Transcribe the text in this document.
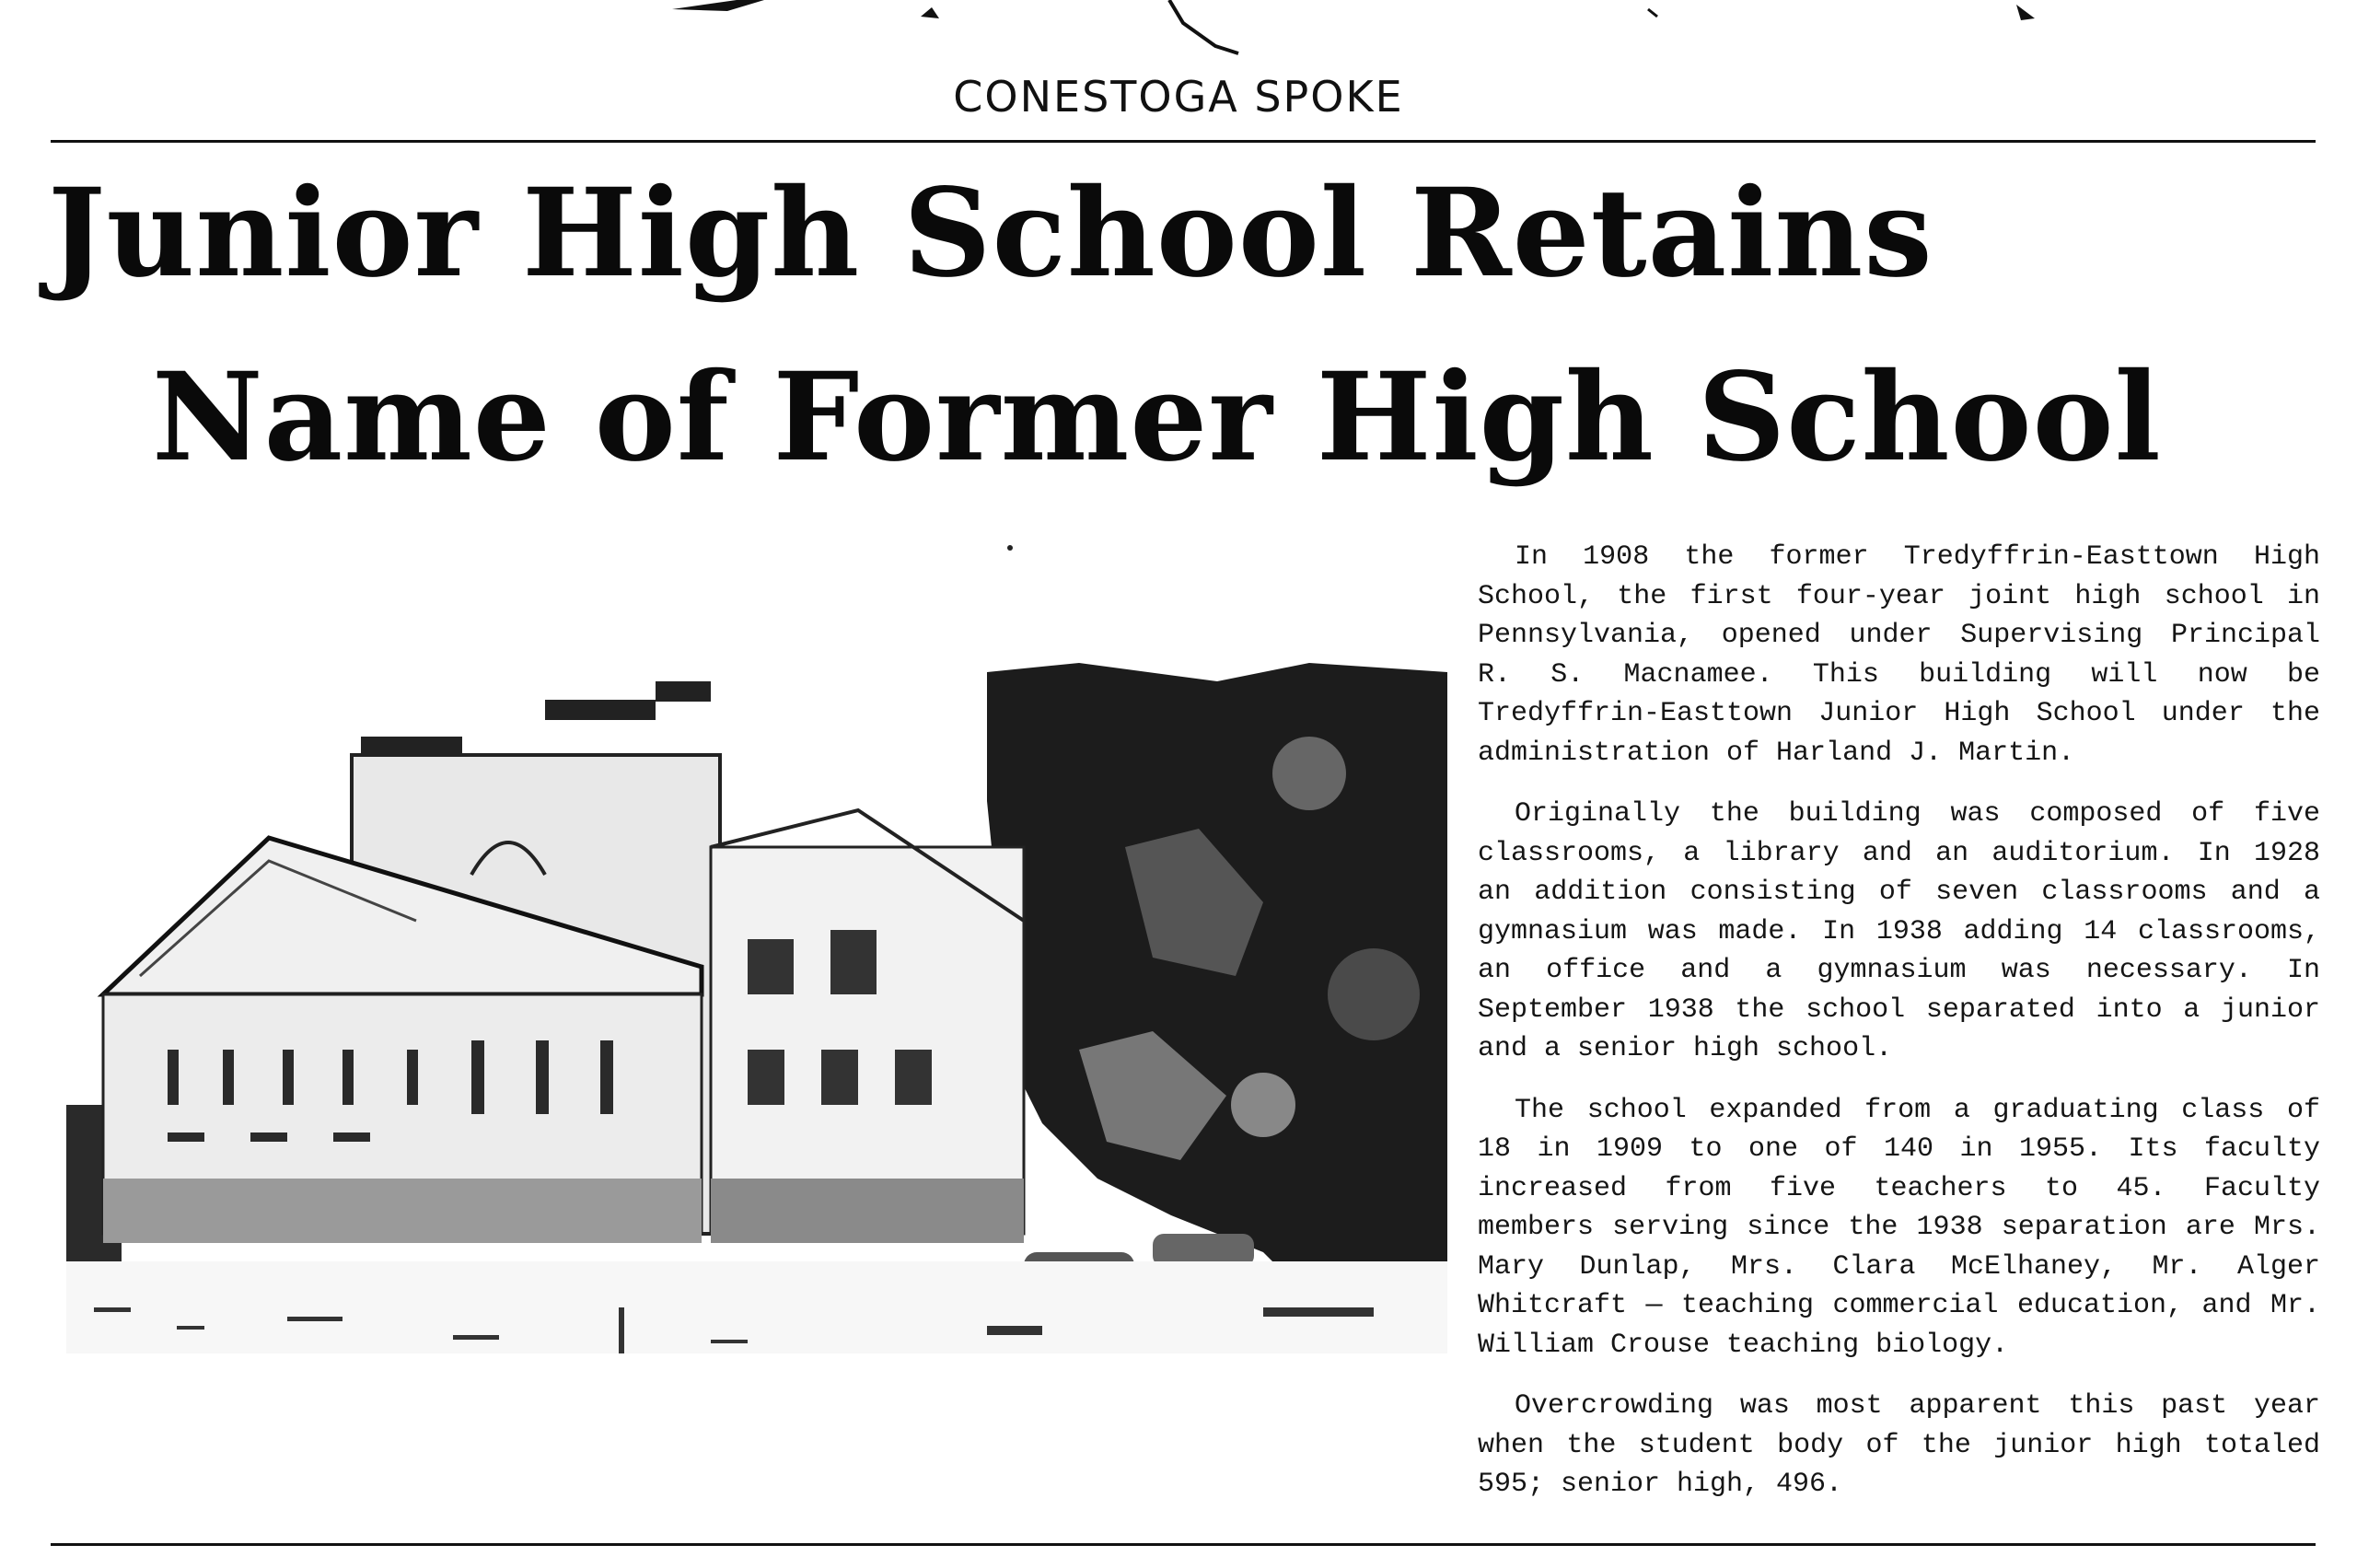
CONESTOGA SPOKE
Junior High School Retains
Name of Former High School

In 1908 the former Tredyffrin-Easttown High School, the first four-year joint high school in Pennsylvania, opened under Supervising Principal R. S. Macnamee. This building will now be Tredyffrin-Easttown Junior High School under the administration of Harland J. Martin.

Originally the building was composed of five classrooms, a library and an auditorium. In 1928 an addition consisting of seven classrooms and a gymnasium was made. In 1938 adding 14 classrooms, an office and a gymnasium was necessary. In September 1938 the school separated into a junior and a senior high school.

The school expanded from a graduating class of 18 in 1909 to one of 140 in 1955. Its faculty increased from five teachers to 45. Faculty members serving since the 1938 separation are Mrs. Mary Dunlap, Mrs. Clara McElhaney, Mr. Alger Whitcraft — teaching commercial education, and Mr. William Crouse teaching biology.

Overcrowding was most apparent this past year when the student body of the junior high totaled 595; senior high, 496.
